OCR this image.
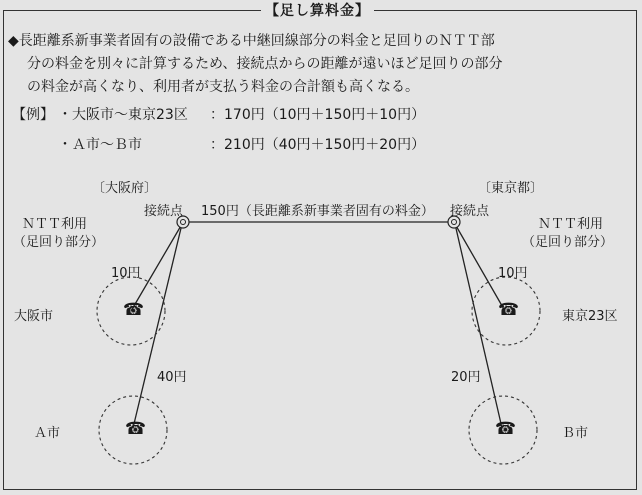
【足し算料金】
◆長距離系新事業者固有の設備である中継回線部分の料金と足回りのＮＴＴ部
分の料金を別々に計算するため、接続点からの距離が遠いほど足回りの部分
の料金が高くなり、利用者が支払う料金の合計額も高くなる。
【例】 ・大阪市～東京23区 ：170円（10円＋150円＋10円）
・Ａ市～Ｂ市	：210円（40円＋150円＋20円）
☎
☎
☎
☎
〔大阪府〕	〔東京都〕
接続点	接続点
150円（長距離系新事業者固有の料金）
ＮＴＴ利用
（足回り部分）
ＮＴＴ利用
（足回り部分）
10円	10円
40円	20円
大阪市	東京23区
Ａ市	Ｂ市
